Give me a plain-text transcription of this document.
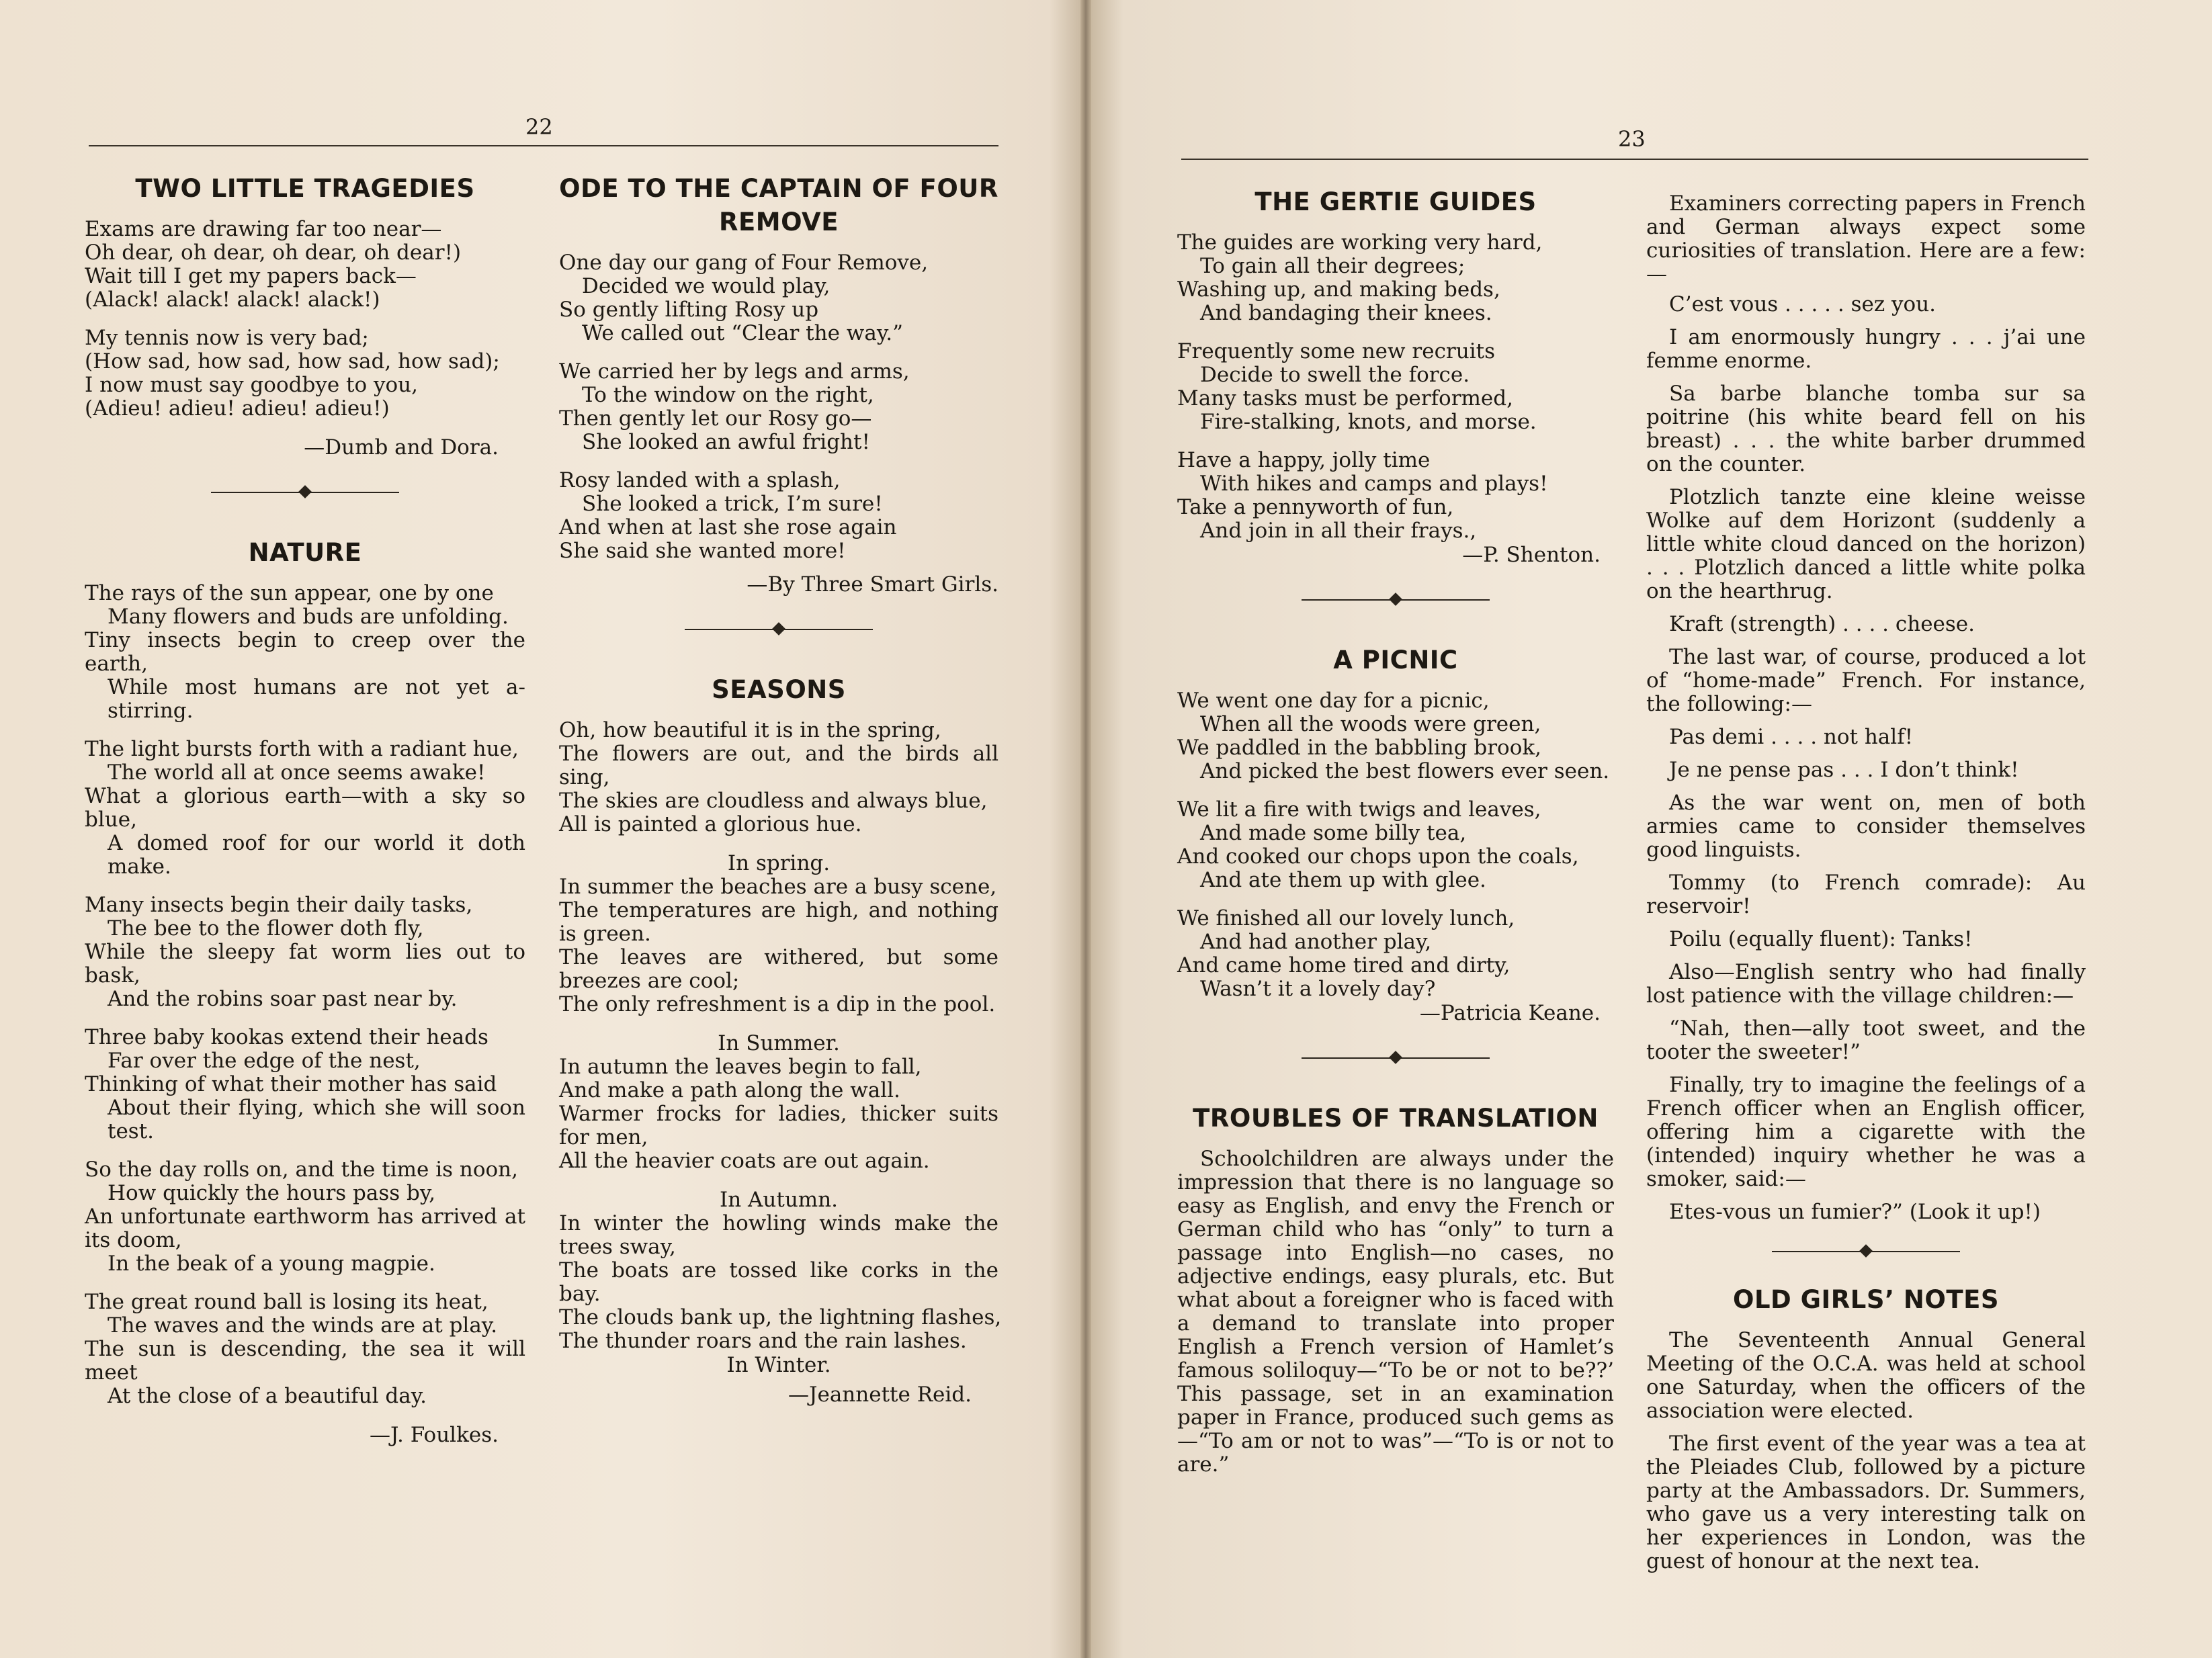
22
TWO LITTLE TRAGEDIES

Exams are drawing far too near—

Oh dear, oh dear, oh dear, oh dear!)

Wait till I get my papers back—

(Alack! alack! alack! alack!)

My tennis now is very bad;

(How sad, how sad, how sad, how sad);

I now must say goodbye to you,

(Adieu! adieu! adieu! adieu!)

—Dumb and Dora.

NATURE

The rays of the sun appear, one by one

Many flowers and buds are unfolding.

Tiny insects begin to creep over the earth,

While most humans are not yet a-stirring.

The light bursts forth with a radiant hue,

The world all at once seems awake!

What a glorious earth—with a sky so blue,

A domed roof for our world it doth make.

Many insects begin their daily tasks,

The bee to the flower doth fly,

While the sleepy fat worm lies out to bask,

And the robins soar past near by.

Three baby kookas extend their heads

Far over the edge of the nest,

Thinking of what their mother has said

About their flying, which she will soon test.

So the day rolls on, and the time is noon,

How quickly the hours pass by,

An unfortunate earthworm has arrived at its doom,

In the beak of a young magpie.

The great round ball is losing its heat,

The waves and the winds are at play.

The sun is descending, the sea it will meet

At the close of a beautiful day.

—J. Foulkes.

ODE TO THE CAPTAIN OF FOUR REMOVE

One day our gang of Four Remove,

Decided we would play,

So gently lifting Rosy up

We called out “Clear the way.”

We carried her by legs and arms,

To the window on the right,

Then gently let our Rosy go—

She looked an awful fright!

Rosy landed with a splash,

She looked a trick, I’m sure!

And when at last she rose again

She said she wanted more!

—By Three Smart Girls.

SEASONS

Oh, how beautiful it is in the spring,

The flowers are out, and the birds all sing,

The skies are cloudless and always blue,

All is painted a glorious hue.

In spring.

In summer the beaches are a busy scene,

The temperatures are high, and nothing is green.

The leaves are withered, but some breezes are cool;

The only refreshment is a dip in the pool.

In Summer.

In autumn the leaves begin to fall,

And make a path along the wall.

Warmer frocks for ladies, thicker suits for men,

All the heavier coats are out again.

In Autumn.

In winter the howling winds make the trees sway,

The boats are tossed like corks in the bay.

The clouds bank up, the lightning flashes,

The thunder roars and the rain lashes.

In Winter.

—Jeannette Reid.

23
THE GERTIE GUIDES

The guides are working very hard,

To gain all their degrees;

Washing up, and making beds,

And bandaging their knees.

Frequently some new recruits

Decide to swell the force.

Many tasks must be performed,

Fire-stalking, knots, and morse.

Have a happy, jolly time

With hikes and camps and plays!

Take a pennyworth of fun,

And join in all their frays.,

—P. Shenton.

A PICNIC

We went one day for a picnic,

When all the woods were green,

We paddled in the babbling brook,

And picked the best flowers ever seen.

We lit a fire with twigs and leaves,

And made some billy tea,

And cooked our chops upon the coals,

And ate them up with glee.

We finished all our lovely lunch,

And had another play,

And came home tired and dirty,

Wasn’t it a lovely day?

—Patricia Keane.

TROUBLES OF TRANSLATION

Schoolchildren are always under the impression that there is no language so easy as English, and envy the French or German child who has “only” to turn a passage into English—no cases, no adjective endings, easy plurals, etc. But what about a foreigner who is faced with a demand to translate into proper English a French version of Hamlet’s famous soliloquy—“To be or not to be??’ This passage, set in an examination paper in France, produced such gems as—“To am or not to was”—“To is or not to are.”

Examiners correcting papers in French and German always expect some curiosities of translation. Here are a few:—

C’est vous . . . . . sez you.

I am enormously hungry . . . j’ai une femme enorme.

Sa barbe blanche tomba sur sa poitrine (his white beard fell on his breast) . . . the white barber drummed on the counter.

Plotzlich tanzte eine kleine weisse Wolke auf dem Horizont (suddenly a little white cloud danced on the horizon) . . . Plotzlich danced a little white polka on the hearthrug.

Kraft (strength) . . . . cheese.

The last war, of course, produced a lot of “home-made” French. For instance, the following:—

Pas demi . . . . not half!

Je ne pense pas . . . I don’t think!

As the war went on, men of both armies came to consider themselves good linguists.

Tommy (to French comrade): Au reservoir!

Poilu (equally fluent): Tanks!

Also—English sentry who had finally lost patience with the village children:—

“Nah, then—ally toot sweet, and the tooter the sweeter!”

Finally, try to imagine the feelings of a French officer when an English officer, offering him a cigarette with the (intended) inquiry whether he was a smoker, said:—

Etes-vous un fumier?” (Look it up!)

OLD GIRLS’ NOTES

The Seventeenth Annual General Meeting of the O.C.A. was held at school one Saturday, when the officers of the association were elected.

The first event of the year was a tea at the Pleiades Club, followed by a picture party at the Ambassadors. Dr. Summers, who gave us a very interesting talk on her experiences in London, was the guest of honour at the next tea.
